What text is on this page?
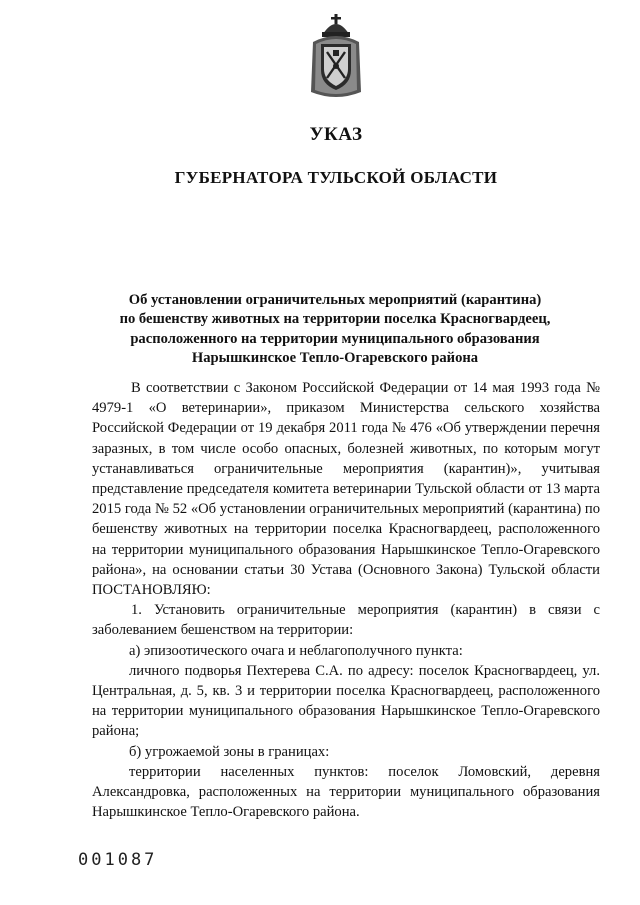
УКАЗ
ГУБЕРНАТОРА ТУЛЬСКОЙ ОБЛАСТИ
Об установлении ограничительных мероприятий (карантина)
по бешенству животных на территории поселка Красногвардеец,
расположенного на территории муниципального образования
Нарышкинское Тепло-Огаревского района

В соответствии с Законом Российской Федерации от 14 мая 1993 года № 4979-1 «О ветеринарии», приказом Министерства сельского хозяйства Российской Федерации от 19 декабря 2011 года № 476 «Об утверждении перечня заразных, в том числе особо опасных, болезней животных, по которым могут устанавливаться ограничительные мероприятия (карантин)», учитывая представление председателя комитета ветеринарии Тульской области от 13 марта 2015 года № 52 «Об установлении ограничительных мероприятий (карантина) по бешенству животных на территории поселка Красногвардеец, расположенного на территории муниципального образования Нарышкинское Тепло-Огаревского района», на основании статьи 30 Устава (Основного Закона) Тульской области ПОСТАНОВЛЯЮ:

1. Установить ограничительные мероприятия (карантин) в связи с заболеванием бешенством на территории:

а) эпизоотического очага и неблагополучного пункта:

личного подворья Пехтерева С.А. по адресу: поселок Красногвардеец, ул. Центральная, д. 5, кв. 3 и территории поселка Красногвардеец, расположенного на территории муниципального образования Нарышкинское Тепло-Огаревского района;

б) угрожаемой зоны в границах:

территории населенных пунктов: поселок Ломовский, деревня Александровка, расположенных на территории муниципального образования Нарышкинское Тепло-Огаревского района.

001087
